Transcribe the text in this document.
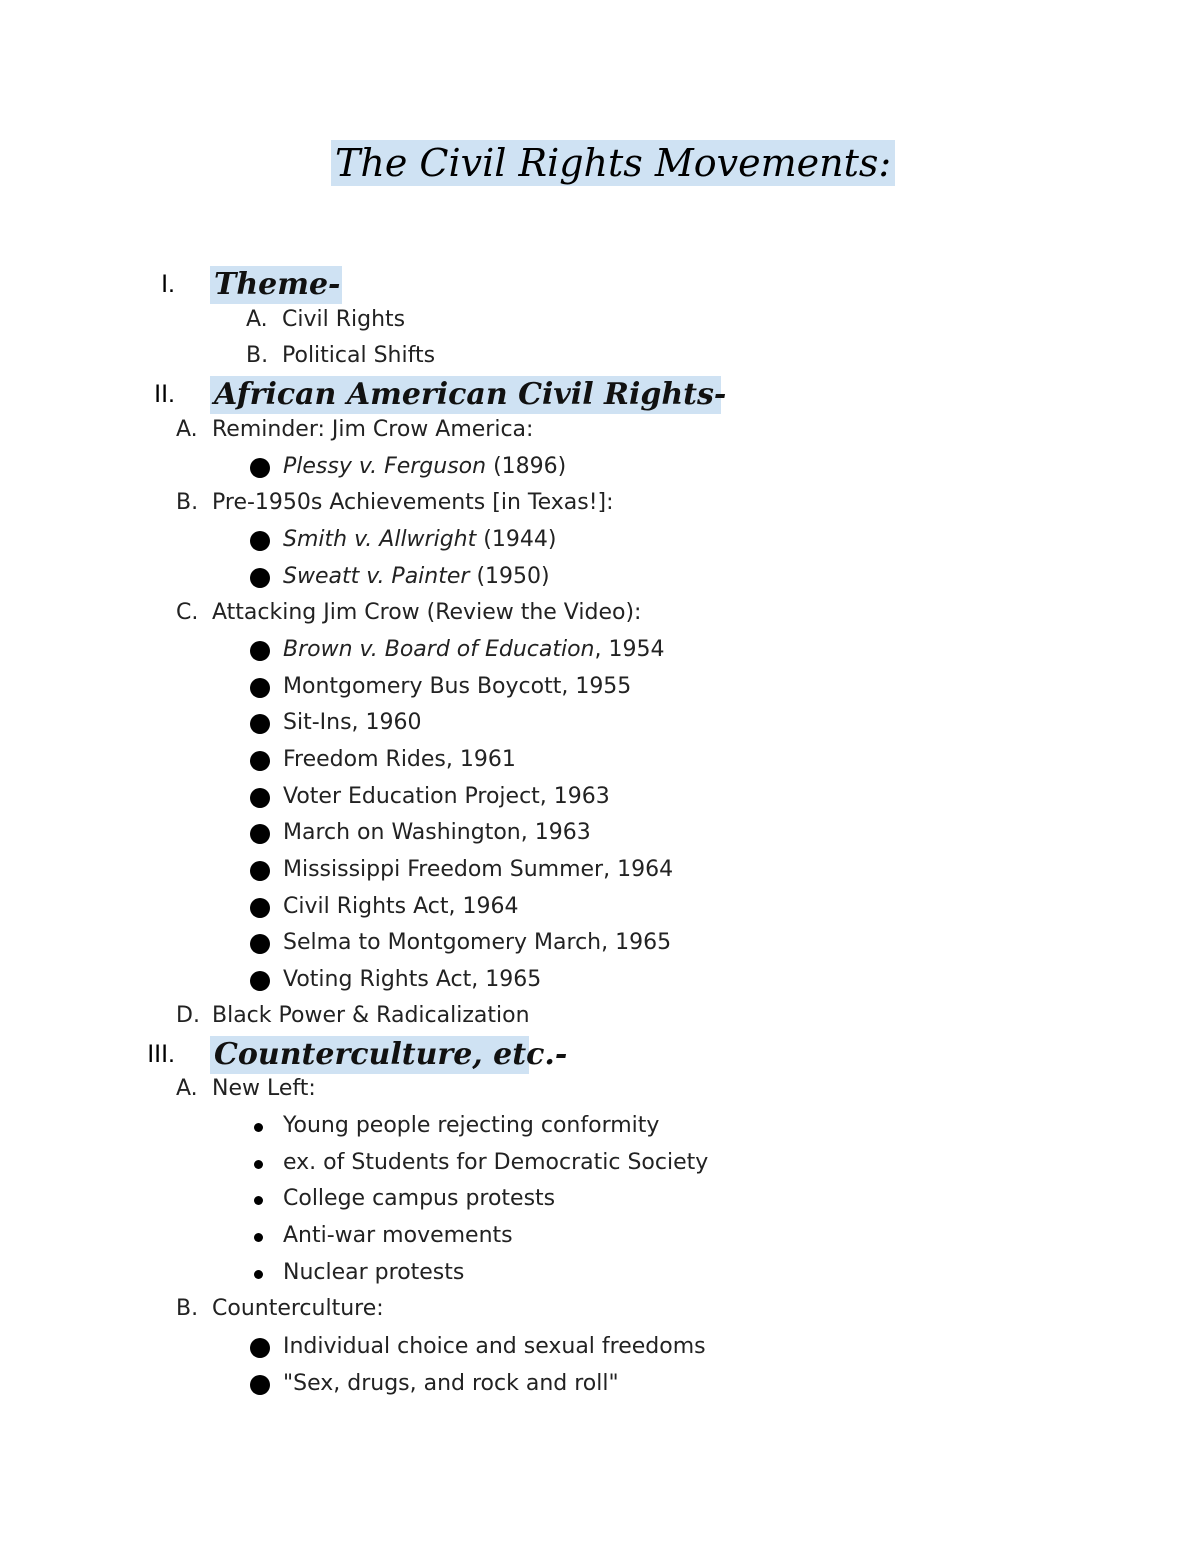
The Civil Rights Movements:
I. Theme-
A. Civil Rights
B. Political Shifts
II. African American Civil Rights-
A. Reminder: Jim Crow America:
Plessy v. Ferguson (1896)
B. Pre-1950s Achievements [in Texas!]:
Smith v. Allwright (1944)
Sweatt v. Painter (1950)
C. Attacking Jim Crow (Review the Video):
Brown v. Board of Education, 1954
Montgomery Bus Boycott, 1955
Sit-Ins, 1960
Freedom Rides, 1961
Voter Education Project, 1963
March on Washington, 1963
Mississippi Freedom Summer, 1964
Civil Rights Act, 1964
Selma to Montgomery March, 1965
Voting Rights Act, 1965
D. Black Power & Radicalization
III. Counterculture, etc.-
A. New Left:
Young people rejecting conformity
ex. of Students for Democratic Society
College campus protests
Anti-war movements
Nuclear protests
B. Counterculture:
Individual choice and sexual freedoms
"Sex, drugs, and rock and roll"
